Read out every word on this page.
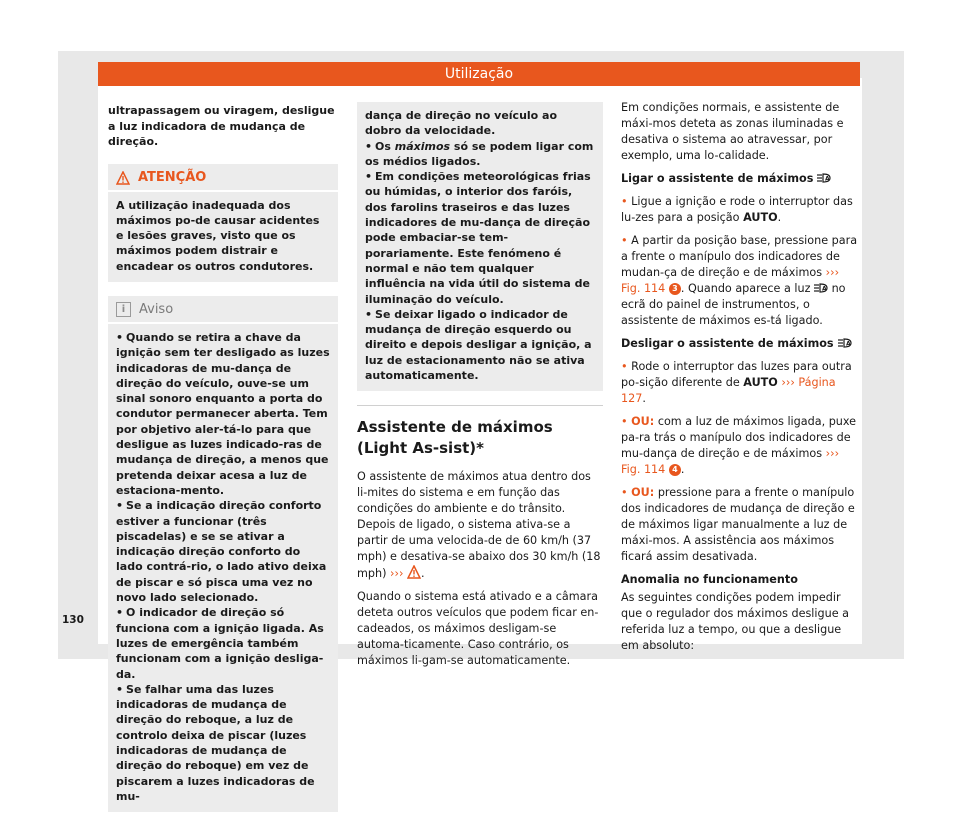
Utilização

ultrapassagem ou viragem, desligue a luz indicadora de mudança de direção.

ATENÇÃO
A utilização inadequada dos máximos po-de causar acidentes e lesões graves, visto que os máximos podem distrair e encadear os outros condutores.
i	Aviso
• Quando se retira a chave da ignição sem ter desligado as luzes indicadoras de mu-dança de direção do veículo, ouve-se um sinal sonoro enquanto a porta do condutor permanecer aberta. Tem por objetivo aler-tá-lo para que desligue as luzes indicado-ras de mudança de direção, a menos que pretenda deixar acesa a luz de estaciona-mento.
• Se a indicação direção conforto estiver a funcionar (três piscadelas) e se se ativar a indicação direção conforto do lado contrá-rio, o lado ativo deixa de piscar e só pisca uma vez no novo lado selecionado.
• O indicador de direção só funciona com a ignição ligada. As luzes de emergência também funcionam com a ignição desliga-da.
• Se falhar uma das luzes indicadoras de mudança de direção do reboque, a luz de controlo deixa de piscar (luzes indicadoras de mudança de direção do reboque) em vez de piscarem a luzes indicadoras de mu-
dança de direção no veículo ao dobro da velocidade.
• Os máximos só se podem ligar com os médios ligados.
• Em condições meteorológicas frias ou húmidas, o interior dos faróis, dos farolins traseiros e das luzes indicadores de mu-dança de direção pode embaciar-se tem-porariamente. Este fenómeno é normal e não tem qualquer influência na vida útil do sistema de iluminação do veículo.
• Se deixar ligado o indicador de mudança de direção esquerdo ou direito e depois desligar a ignição, a luz de estacionamento não se ativa automaticamente.
Assistente de máximos (Light As-sist)*

O assistente de máximos atua dentro dos li-mites do sistema e em função das condições do ambiente e do trânsito. Depois de ligado, o sistema ativa-se a partir de uma velocida-de de 60 km/h (37 mph) e desativa-se abaixo dos 30 km/h (18 mph) ››› .

Quando o sistema está ativado e a câmara deteta outros veículos que podem ficar en-cadeados, os máximos desligam-se automa-ticamente. Caso contrário, os máximos li-gam-se automaticamente.

Em condições normais, e assistente de máxi-mos deteta as zonas iluminadas e desativa o sistema ao atravessar, por exemplo, uma lo-calidade.

Ligar o assistente de máximos A

• Ligue a ignição e rode o interruptor das lu-zes para a posição AUTO.

• A partir da posição base, pressione para a frente o manípulo dos indicadores de mudan-ça de direção e de máximos ››› Fig. 114 3 . Quando aparece a luz A no ecrã do painel de instrumentos, o assistente de máximos es-tá ligado.

Desligar o assistente de máximos A

• Rode o interruptor das luzes para outra po-sição diferente de AUTO ››› Página 127.

• OU: com a luz de máximos ligada, puxe pa-ra trás o manípulo dos indicadores de mu-dança de direção e de máximos ››› Fig. 114 4 .

• OU: pressione para a frente o manípulo dos indicadores de mudança de direção e de máximos ligar manualmente a luz de máxi-mos. A assistência aos máximos ficará assim desativada.

Anomalia no funcionamento

As seguintes condições podem impedir que o regulador dos máximos desligue a referida luz a tempo, ou que a desligue em absoluto:

130
